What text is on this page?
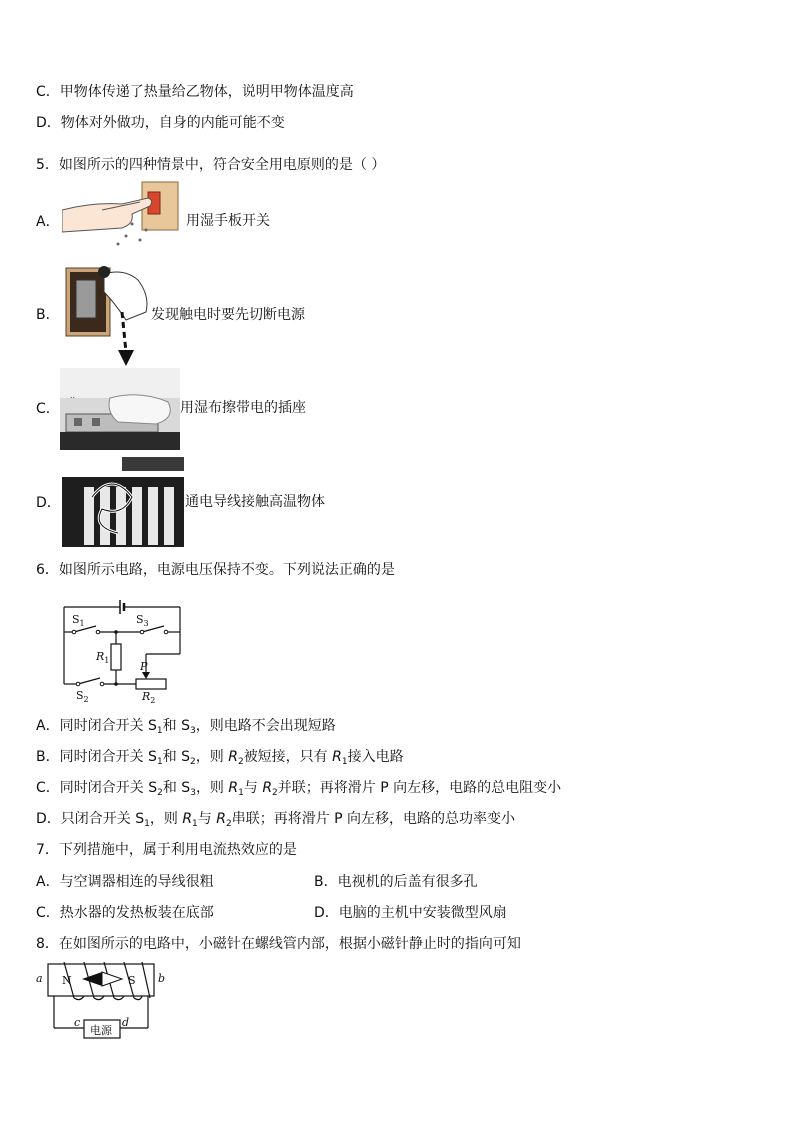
C．甲物体传递了热量给乙物体，说明甲物体温度高
D．物体对外做功，自身的内能可能不变
5．如图所示的四种情景中，符合安全用电原则的是（ ）
A．	用湿手板开关
B．	发现触电时要先切断电源
C．
..
用湿布擦带电的插座
D．	通电导线接触高温物体
6．如图所示电路，电源电压保持不变。下列说法正确的是
$S_1$	$S_3$
$R_1$	P
$R_2$
$S_2$
A．同时闭合开关 $S_1$和 $S_3$，则电路不会出现短路
B．同时闭合开关 $S_1$和 $S_2$，则 $R_2$被短接，只有 $R_1$接入电路
C．同时闭合开关 $S_2$和 $S_3$，则 $R_1$与 $R_2$并联；再将滑片 P 向左移，电路的总电阻变小
D．只闭合开关 $S_1$，则 $R_1$与 $R_2$串联；再将滑片 P 向左移，电路的总功率变小
7．下列措施中，属于利用电流热效应的是
A．与空调器相连的导线很粗	B．电视机的后盖有很多孔
C．热水器的发热板装在底部	D．电脑的主机中安装微型风扇
8．在如图所示的电路中，小磁针在螺线管内部，根据小磁针静止时的指向可知
a	b
N	S
c	d
电源
